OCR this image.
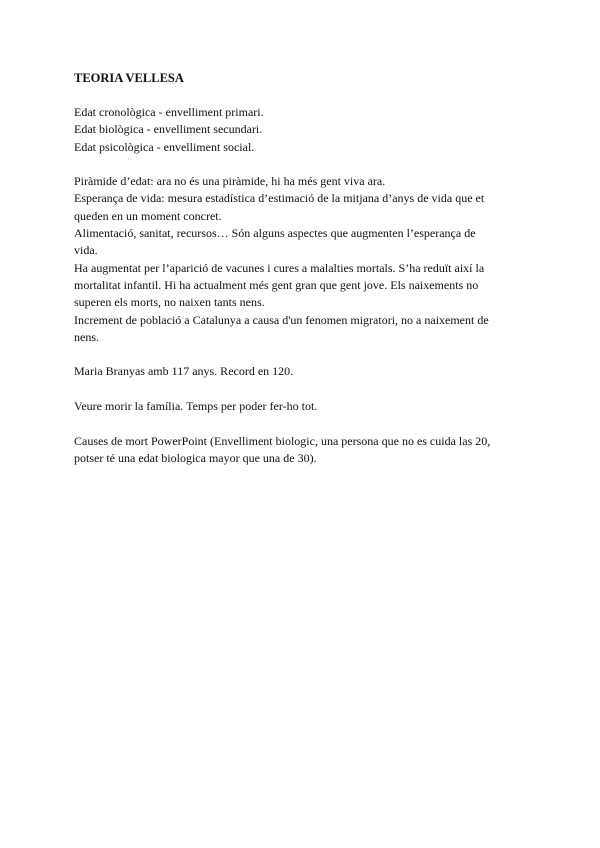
TEORIA VELLESA
Edat cronològica - envelliment primari.
Edat biològica - envelliment secundari.
Edat psicològica - envelliment social.
Piràmide d’edat: ara no és una piràmide, hi ha més gent viva ara.
Esperança de vida: mesura estadística d’estimació de la mitjana d’anys de vida que et
queden en un moment concret.
Alimentació, sanitat, recursos… Són alguns aspectes que augmenten l’esperança de
vida.
Ha augmentat per l’aparició de vacunes i cures a malalties mortals. S’ha reduït així la
mortalitat infantil. Hi ha actualment més gent gran que gent jove. Els naixements no
superen els morts, no naixen tants nens.
Increment de població a Catalunya a causa d'un fenomen migratori, no a naixement de
nens.
Maria Branyas amb 117 anys. Record en 120.
Veure morir la família. Temps per poder fer-ho tot.
Causes de mort PowerPoint (Envelliment biologic, una persona que no es cuida las 20,
potser té una edat biologica mayor que una de 30).
